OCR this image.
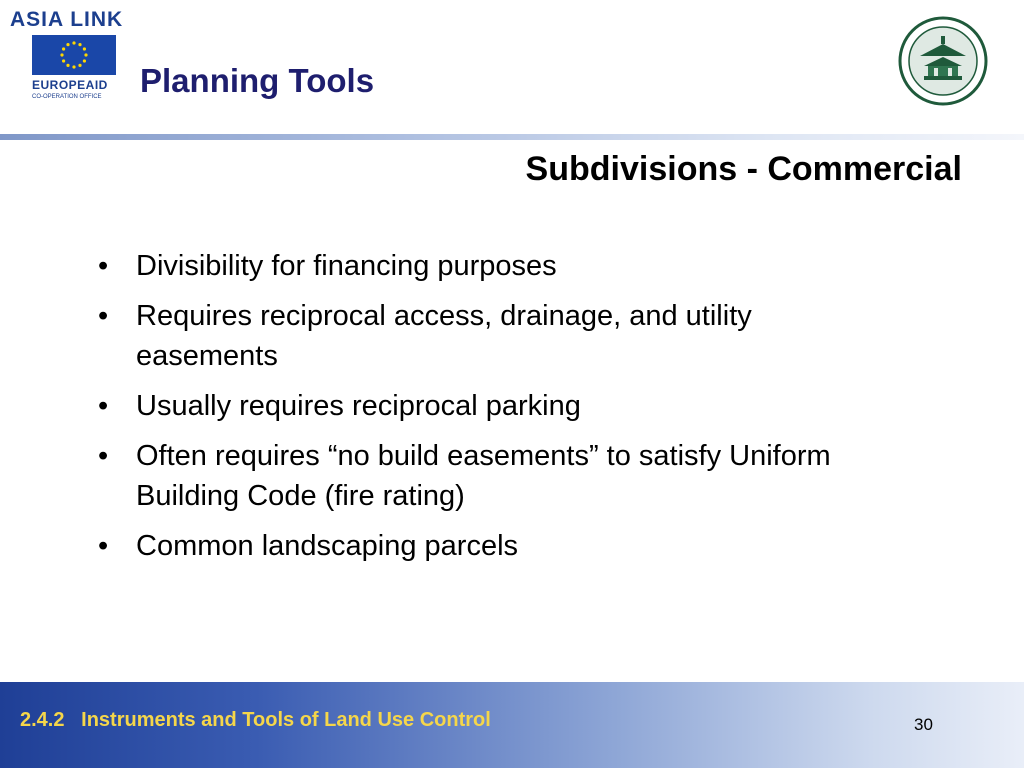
ASIA LINK
EUROPEAID
CO-OPERATION OFFICE Planning Tools
Subdivisions - Commercial
• Divisibility for financing purposes
• Requires reciprocal access, drainage, and utility easements
• Usually requires reciprocal parking
• Often requires “no build easements” to satisfy Uniform Building Code (fire rating)
• Common landscaping parcels
2.4.2 Instruments and Tools of Land Use Control	30
